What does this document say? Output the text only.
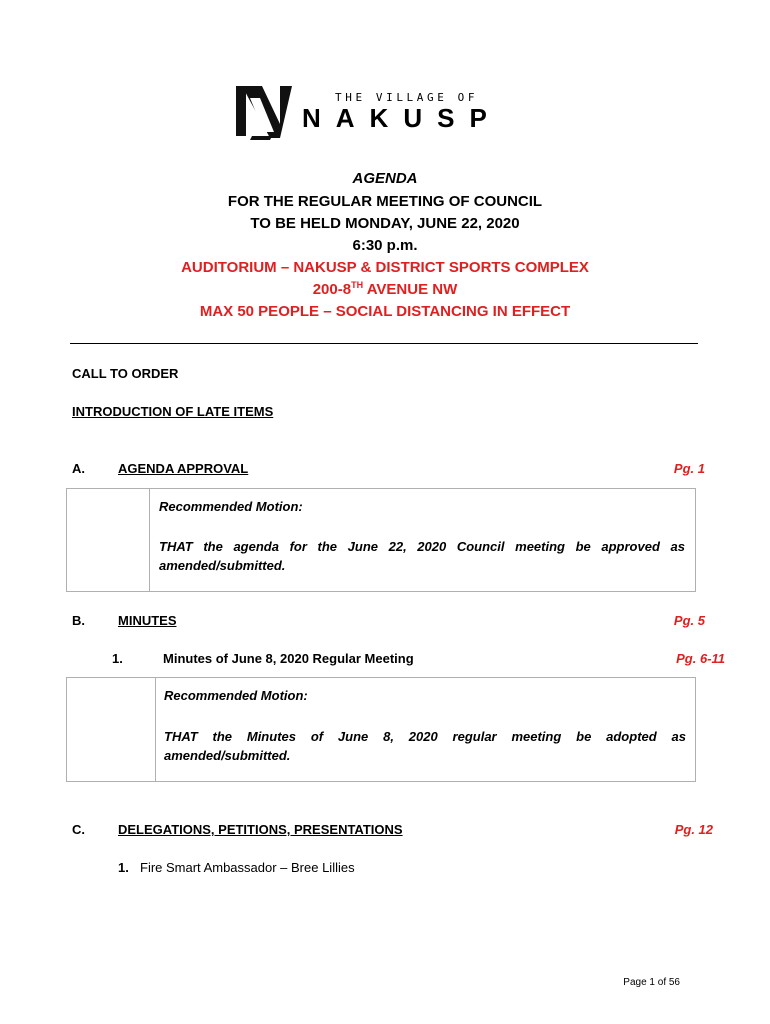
THE VILLAGE OF
NAKUSP
AGENDA
FOR THE REGULAR MEETING OF COUNCIL
TO BE HELD MONDAY, JUNE 22, 2020
6:30 p.m.
AUDITORIUM – NAKUSP & DISTRICT SPORTS COMPLEX
200-8TH AVENUE NW
MAX 50 PEOPLE – SOCIAL DISTANCING IN EFFECT
CALL TO ORDER
INTRODUCTION OF LATE ITEMS
A.	AGENDA APPROVAL	Pg. 1
Recommended Motion:
THAT the agenda for the June 22, 2020 Council meeting be approved as
amended/submitted.
B.	MINUTES	Pg. 5
1.	Minutes of June 8, 2020 Regular Meeting	Pg. 6-11
Recommended Motion:
THAT the Minutes of June 8, 2020 regular meeting be adopted as
amended/submitted.
C.	DELEGATIONS, PETITIONS, PRESENTATIONS	Pg. 12
1. Fire Smart Ambassador – Bree Lillies
Page 1 of 56
